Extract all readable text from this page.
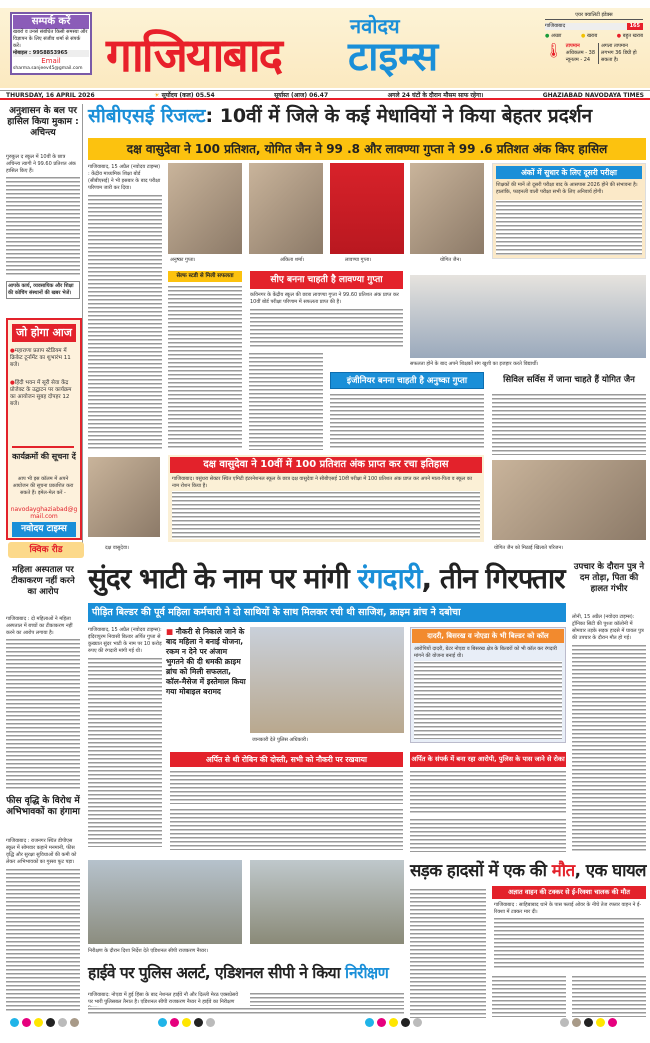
सम्पर्क करें
खबरों व उनसे संबंधित किसी समस्या और विज्ञापन के लिए संजीव शर्मा से संपर्क करें।
मोबाइल : 9958853965
Email
sharma.sanjeev45@gmail.com गाजियाबाद
नवोदय
टाइम्स
एयर क्वालिटी इंडेक्स
गाजियाबाद	165
● अच्छा	● खराब	● बहुत खराब
🌡 तापमान
अधिकतम - 38
न्यूनतम - 24
अगला तापमान लगभग 36 डिग्री हो सकता है।
THURSDAY, 16 APRIL 2026	☀ सूर्योदय (कल) 05.54	सूर्यास्त (आज) 06.47	अगले 24 घंटों के दौरान मौसम साफ रहेगा।	GHAZIABAD NAVODAYA TIMES
अनुशासन के बल पर हासिल किया मुकाम : अचिन्त्य
गुरुकुल द स्कूल में 10वीं के छात्र अचिन्त्य त्यागी ने 99.60 प्रतिशत अंक हासिल किए हैं।
आपके कार्य, व्यवसायिक और शिक्षा की कोचिंग संस्थानों की खबर भेजें।
जो होगा आज
●महाराणा प्रताप स्टेडियम में क्रिकेट टूर्नामेंट का शुभारंभ 11 बजे।
●हिंदी भवन में सूरी सेवा केंद्र प्रोजेक्ट के उद्घाटन पर कार्यक्रम का आयोजन सुबह दोपहर 12 बजे।
कार्यक्रमों की सूचना दें
आप भी इस कॉलम में अपने आयोजन की सूचना प्रकाशित करा सकते हैं। इमेल-मेल करें -
navodayghaziabad@gmail.com
नवोदय टाइम्स
क्विक रीड
महिला अस्पताल पर टीकाकरण नहीं करने का आरोप
गाजियाबाद : दो महिलाओं ने महिला अस्पताल में बच्चों का टीकाकरण नहीं करने का आरोप लगाया है।
फीस वृद्धि के विरोध में अभिभावकों का हंगामा
गाजियाबाद : राजनगर स्थित डीपीएस स्कूल में सोमवार कहाने मनमानी, फीस वृद्धि और सुरक्षा सुविधाओं की कमी को लेकर अभिभावकों का गुस्सा फूट पड़ा।
सीबीएसई रिजल्ट: 10वीं में जिले के कई मेधावियों ने किया बेहतर प्रदर्शन
दक्ष वासुदेवा ने 100 प्रतिशत, योगित जैन ने 99 .8 और लावण्या गुप्ता ने 99 .6 प्रतिशत अंक किए हासिल
गाजियाबाद, 15 अप्रैल (नवोदय टाइम्स) : केंद्रीय माध्यमिक शिक्षा बोर्ड (सीबीएसई) ने भी इसबार के बाद परीक्षा परिणाम जारी कर दिया।
अनुष्का गुप्ता।	अंकिता शर्मा।	लावण्या गुप्ता।	योगित जैन।
अंकों में सुधार के लिए दूसरी परीक्षा
शिक्षकों की मानें तो दूसरी परीक्षा बाद के आसपास 2026 होने की संभावना है। हालांकि, फाइनली वाली परीक्षा सभी के लिए अनिवार्य होगी।
सेल्फ स्टडी से मिली सफलता	सीए बनना चाहती है लावण्या गुप्ता
कविनगर के केंद्रीय स्कूल की छात्रा लावण्या गुप्ता ने 99.60 प्रतिशत अंक प्राप्त कर 10वीं बोर्ड परीक्षा परिणाम में सफलता प्राप्त की है।
सफलता होने के बाद अपने शिक्षकों संग खुशी का इजहार करते विद्यार्थी।
इंजीनियर बनना चाहती है अनुष्का गुप्ता	सिविल सर्विस में जाना चाहते हैं योगित जैन
दक्ष वासुदेवा।
दक्ष वासुदेवा ने 10वीं में 100 प्रतिशत अंक प्राप्त कर रचा इतिहास
गाजियाबाद। वसुंधरा सेक्टर स्थित एमिटी इंटरनेशनल स्कूल के छात्र दक्ष वासुदेवा ने सीबीएसई 10वीं परीक्षा में 100 प्रतिशत अंक प्राप्त कर अपने माता-पिता व स्कूल का नाम रोशन किया है।
योगित जैन को मिठाई खिलाते परिजन।
सुंदर भाटी के नाम पर मांगी रंगदारी, तीन गिरफ्तार
पीड़ित बिल्डर की पूर्व महिला कर्मचारी ने दो साथियों के साथ मिलकर रची थी साजिश, क्राइम ब्रांच ने दबोचा
गाजियाबाद, 15 अप्रैल (नवोदय टाइम्स): इंदिरापुरम निवासी बिल्डर अर्पित गुप्ता से कुख्यात सुंदर भाटी के नाम पर 10 करोड़ रुपए की रंगदारी मांगी गई थी।
■ नौकरी से निकाले जाने के बाद महिला ने बनाई योजना, रकम न देने पर अंजाम भुगतने की दी धमकी क्राइम ब्रांच को मिली सफलता, कॉल-मैसेज में इस्तेमाल किया गया मोबाइल बरामद
जानकारी देते पुलिस अधिकारी।
दादरी, बिसरख व नोएडा के भी बिल्डर को कॉल
आरोपियों दादरी, ग्रेटर नोएडा व बिसरख क्षेत्र के बिल्डरों को भी कॉल कर रंगदारी मांगने की योजना बनाई थी।
अर्पित से थी रोबिन की दोस्ती, सभी को नौकरी पर रखवाया	अर्पित के संपर्क में बना रहा आरोपी, पुलिस के पास जाने से रोका
उपचार के दौरान पुत्र ने दम तोड़ा, पिता की हालत गंभीर
लोनी, 15 अप्रैल (नवोदय टाइम्स): ट्रॉनिका सिटी की पुश्ता कॉलोनी में सोमवार तड़के सड़क हादसे में घायल पुत्र की उपचार के दौरान मौत हो गई।
सड़क हादसों में एक की मौत, एक घायल
अज्ञात वाहन की टक्कर से ई-रिक्शा चालक की मौत
गाजियाबाद : साहिबाबाद थाने के पास फ्लाई ओवर के नीचे तेज रफ्तार वाहन ने ई-रिक्शा में टक्कर मार दी।
निरीक्षण के दौरान दिशा निर्देश देते एडिशनल सीपी राजकरण नैय्यर।
हाईवे पर पुलिस अलर्ट, एडिशनल सीपी ने किया निरीक्षण
गाजियाबाद: नोएडा में हुई हिंसा के बाद नेशनल हाईवे नौ और दिल्ली मेरठ एक्सप्रेसवे पर भारी पुलिसबल तैनात है। एडिशनल सीपी राजकरण नैय्यर ने हाईवे का निरीक्षण
